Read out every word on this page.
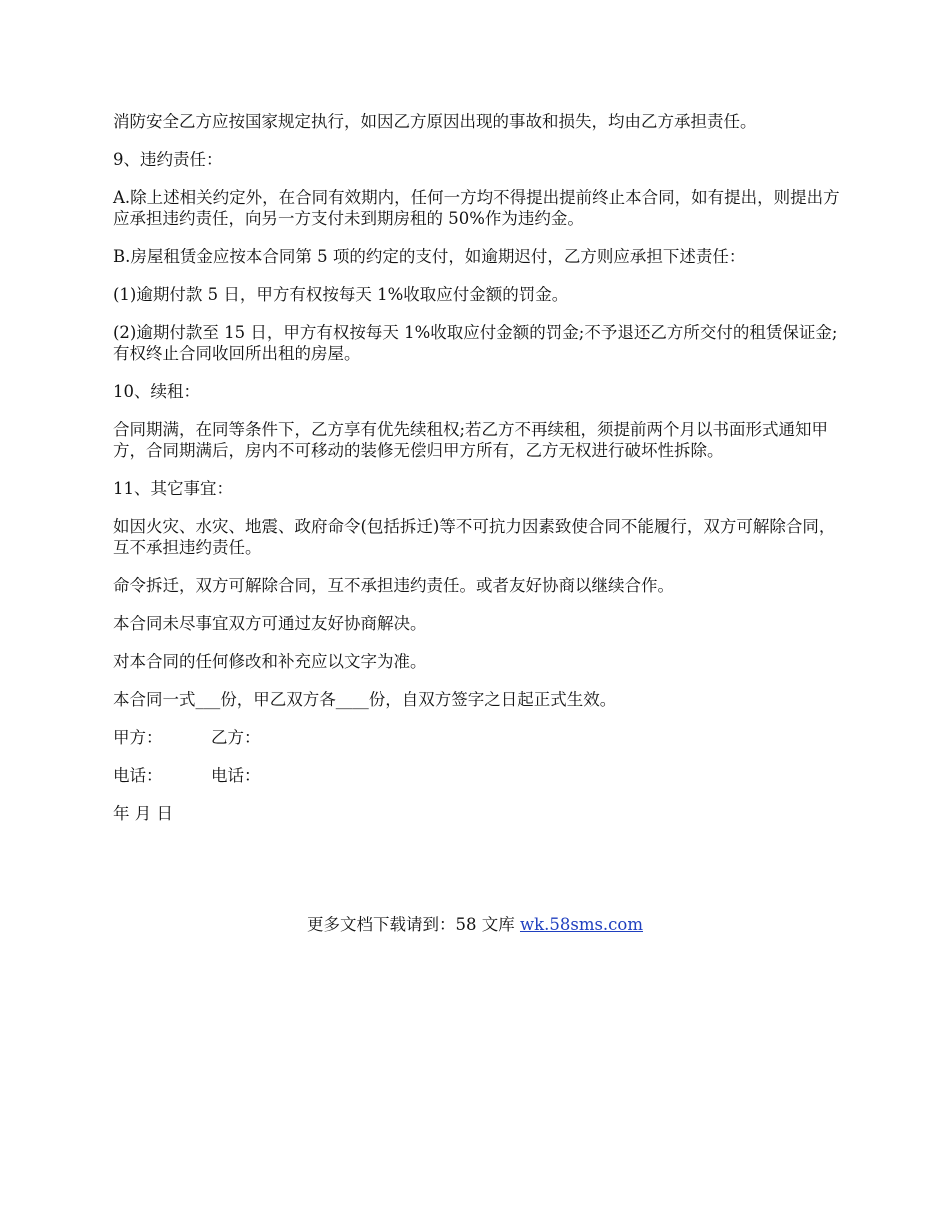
消防安全乙方应按国家规定执行，如因乙方原因出现的事故和损失，均由乙方承担责任。

9、违约责任：

A.除上述相关约定外，在合同有效期内，任何一方均不得提出提前终止本合同，如有提出，则提出方应承担违约责任，向另一方支付未到期房租的 50%作为违约金。

B.房屋租赁金应按本合同第 5 项的约定的支付，如逾期迟付，乙方则应承担下述责任：

(1)逾期付款 5 日，甲方有权按每天 1%收取应付金额的罚金。

(2)逾期付款至 15 日，甲方有权按每天 1%收取应付金额的罚金;不予退还乙方所交付的租赁保证金;有权终止合同收回所出租的房屋。

10、续租：

合同期满，在同等条件下，乙方享有优先续租权;若乙方不再续租，须提前两个月以书面形式通知甲方，合同期满后，房内不可移动的装修无偿归甲方所有，乙方无权进行破坏性拆除。

11、其它事宜：

如因火灾、水灾、地震、政府命令(包括拆迁)等不可抗力因素致使合同不能履行，双方可解除合同，互不承担违约责任。

命令拆迁，双方可解除合同，互不承担违约责任。或者友好协商以继续合作。

本合同未尽事宜双方可通过友好协商解决。

对本合同的任何修改和补充应以文字为准。

本合同一式___份，甲乙双方各____份，自双方签字之日起正式生效。

甲方：	乙方：
电话：	电话：
年 月 日
更多文档下载请到：58 文库 wk.58sms.com
